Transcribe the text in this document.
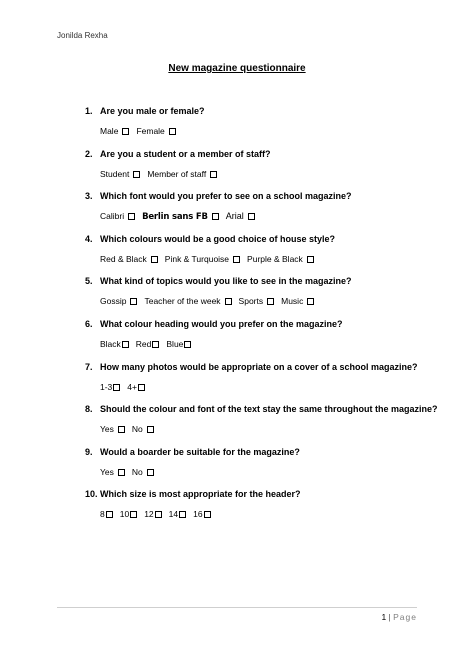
Jonilda Rexha
New magazine questionnaire
1. Are you male or female?
Male Female
2. Are you a student or a member of staff?
Student Member of staff
3. Which font would you prefer to see on a school magazine?
Calibri Berlin sans FB Arial
4. Which colours would be a good choice of house style?
Red & Black Pink & Turquoise Purple & Black
5. What kind of topics would you like to see in the magazine?
Gossip Teacher of the week Sports Music
6. What colour heading would you prefer on the magazine?
Black Red Blue
7. How many photos would be appropriate on a cover of a school magazine?
1-3 4+
8. Should the colour and font of the text stay the same throughout the magazine?
Yes No
9. Would a boarder be suitable for the magazine?
Yes No
10. Which size is most appropriate for the header?
8 10 12 14 16
1 | Page
